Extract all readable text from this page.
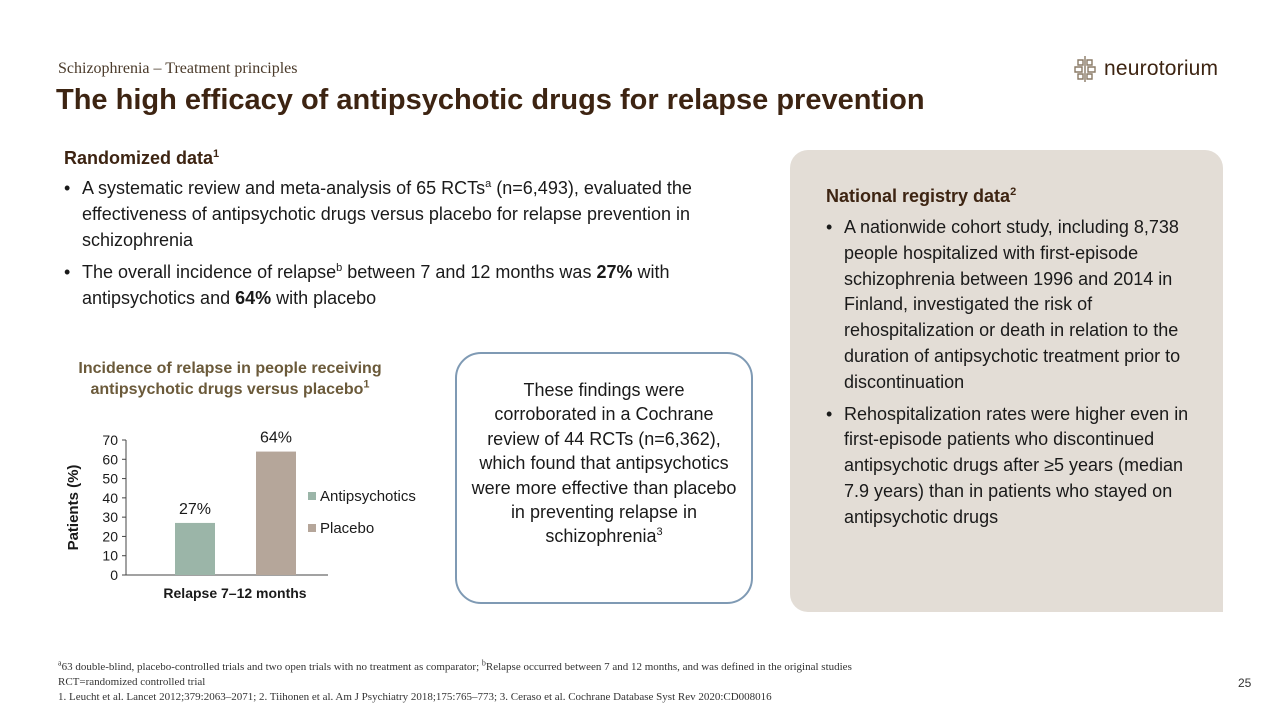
Schizophrenia – Treatment principles
The high efficacy of antipsychotic drugs for relapse prevention
neurotorium
Randomized data$^1$
• A systematic review and meta-analysis of 65 RCTs$^a$ (n=6,493), evaluated the effectiveness of antipsychotic drugs versus placebo for relapse prevention in schizophrenia
• The overall incidence of relapse$^b$ between 7 and 12 months was 27% with antipsychotics and 64% with placebo
Incidence of relapse in people receiving
antipsychotic drugs versus placebo$^1$
0
10
20
30
40
50
60
70
Patients (%)	27%
64%
Relapse 7–12 months
Antipsychotics
Placebo
These findings were corroborated in a Cochrane review of 44 RCTs (n=6,362), which found that antipsychotics were more effective than placebo in preventing relapse in schizophrenia$^3$
National registry data$^2$
• A nationwide cohort study, including 8,738 people hospitalized with first-episode schizophrenia between 1996 and 2014 in Finland, investigated the risk of rehospitalization or death in relation to the duration of antipsychotic treatment prior to discontinuation
• Rehospitalization rates were higher even in first-episode patients who discontinued antipsychotic drugs after ≥5 years (median 7.9 years) than in patients who stayed on antipsychotic drugs
$^a$63 double-blind, placebo-controlled trials and two open trials with no treatment as comparator; $^b$Relapse occurred between 7 and 12 months, and was defined in the original studies
RCT=randomized controlled trial
1. Leucht et al. Lancet 2012;379:2063–2071; 2. Tiihonen et al. Am J Psychiatry 2018;175:765–773; 3. Ceraso et al. Cochrane Database Syst Rev 2020:CD008016
25
